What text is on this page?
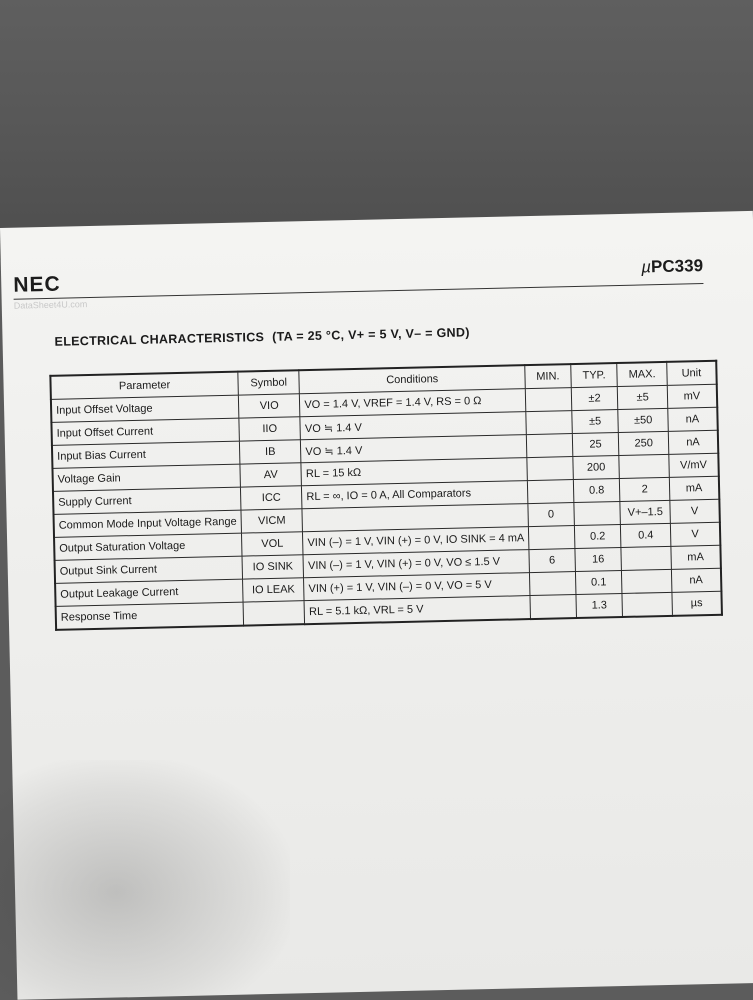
NEC
µPC339
DataSheet4U.com
ELECTRICAL CHARACTERISTICS (TA = 25 °C, V+ = 5 V, V– = GND)
Parameter	Symbol	Conditions	MIN.	TYP.	MAX.	Unit
Input Offset Voltage	VIO	VO = 1.4 V, VREF = 1.4 V, RS = 0 Ω		±2	±5	mV
Input Offset Current	IIO	VO ≒ 1.4 V		±5	±50	nA
Input Bias Current	IB	VO ≒ 1.4 V		25	250	nA
Voltage Gain	AV	RL = 15 kΩ		200		V/mV
Supply Current	ICC	RL = ∞, IO = 0 A, All Comparators		0.8	2	mA
Common Mode Input Voltage Range	VICM		0		V+–1.5	V
Output Saturation Voltage	VOL	VIN (–) = 1 V, VIN (+) = 0 V, IO SINK = 4 mA		0.2	0.4	V
Output Sink Current	IO SINK	VIN (–) = 1 V, VIN (+) = 0 V, VO ≤ 1.5 V	6	16		mA
Output Leakage Current	IO LEAK	VIN (+) = 1 V, VIN (–) = 0 V, VO = 5 V		0.1		nA
Response Time		RL = 5.1 kΩ, VRL = 5 V		1.3		µs
